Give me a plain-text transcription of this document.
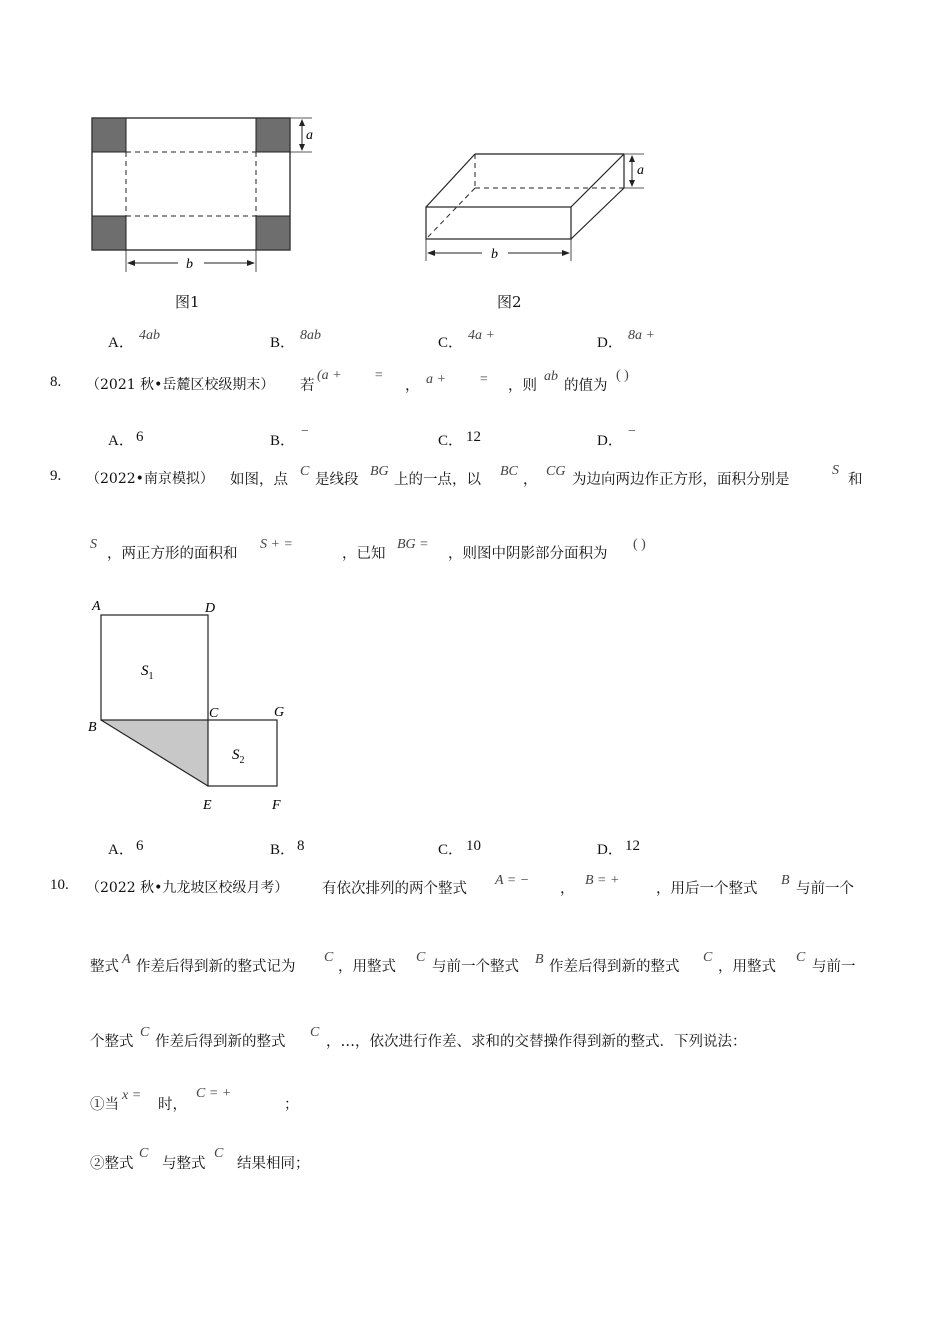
a
b
图1
a
b
图2
A． 4ab	B． 8ab	C． 4a +	D． 8a +
8. （2021 秋•岳麓区校级期末） 若
(a + =
， a + = ，则
ab
的值为
( )
A． 6	B．
−
C． 12	D．
−
9. （2022•南京模拟） 如图，点
C
是线段
BG
上的一点，以
BC
，
CG
为边向两边作正方形，面积分别是
S
和
S
，两正方形的面积和
S + =
，已知
BG =
，则图中阴影部分面积为
( )
A	D
B
C	G
E	F
$S_1$
$S_2$
A． 6	B． 8	C． 10	D． 12
10. （2022 秋•九龙坡区校级月考） 有依次排列的两个整式
A = −
，
B = +
，用后一个整式
B
与前一个
整式 A 作差后得到新的整式记为
C
，用整式
C
与前一个整式 B 作差后得到新的整式
C
，用整式
C
与前一
个整式
C
作差后得到新的整式
C
，…，依次进行作差、求和的交替操作得到新的整式．下列说法：
①当
x =
时，
C = +
；
②整式
C
与整式
C
结果相同；
